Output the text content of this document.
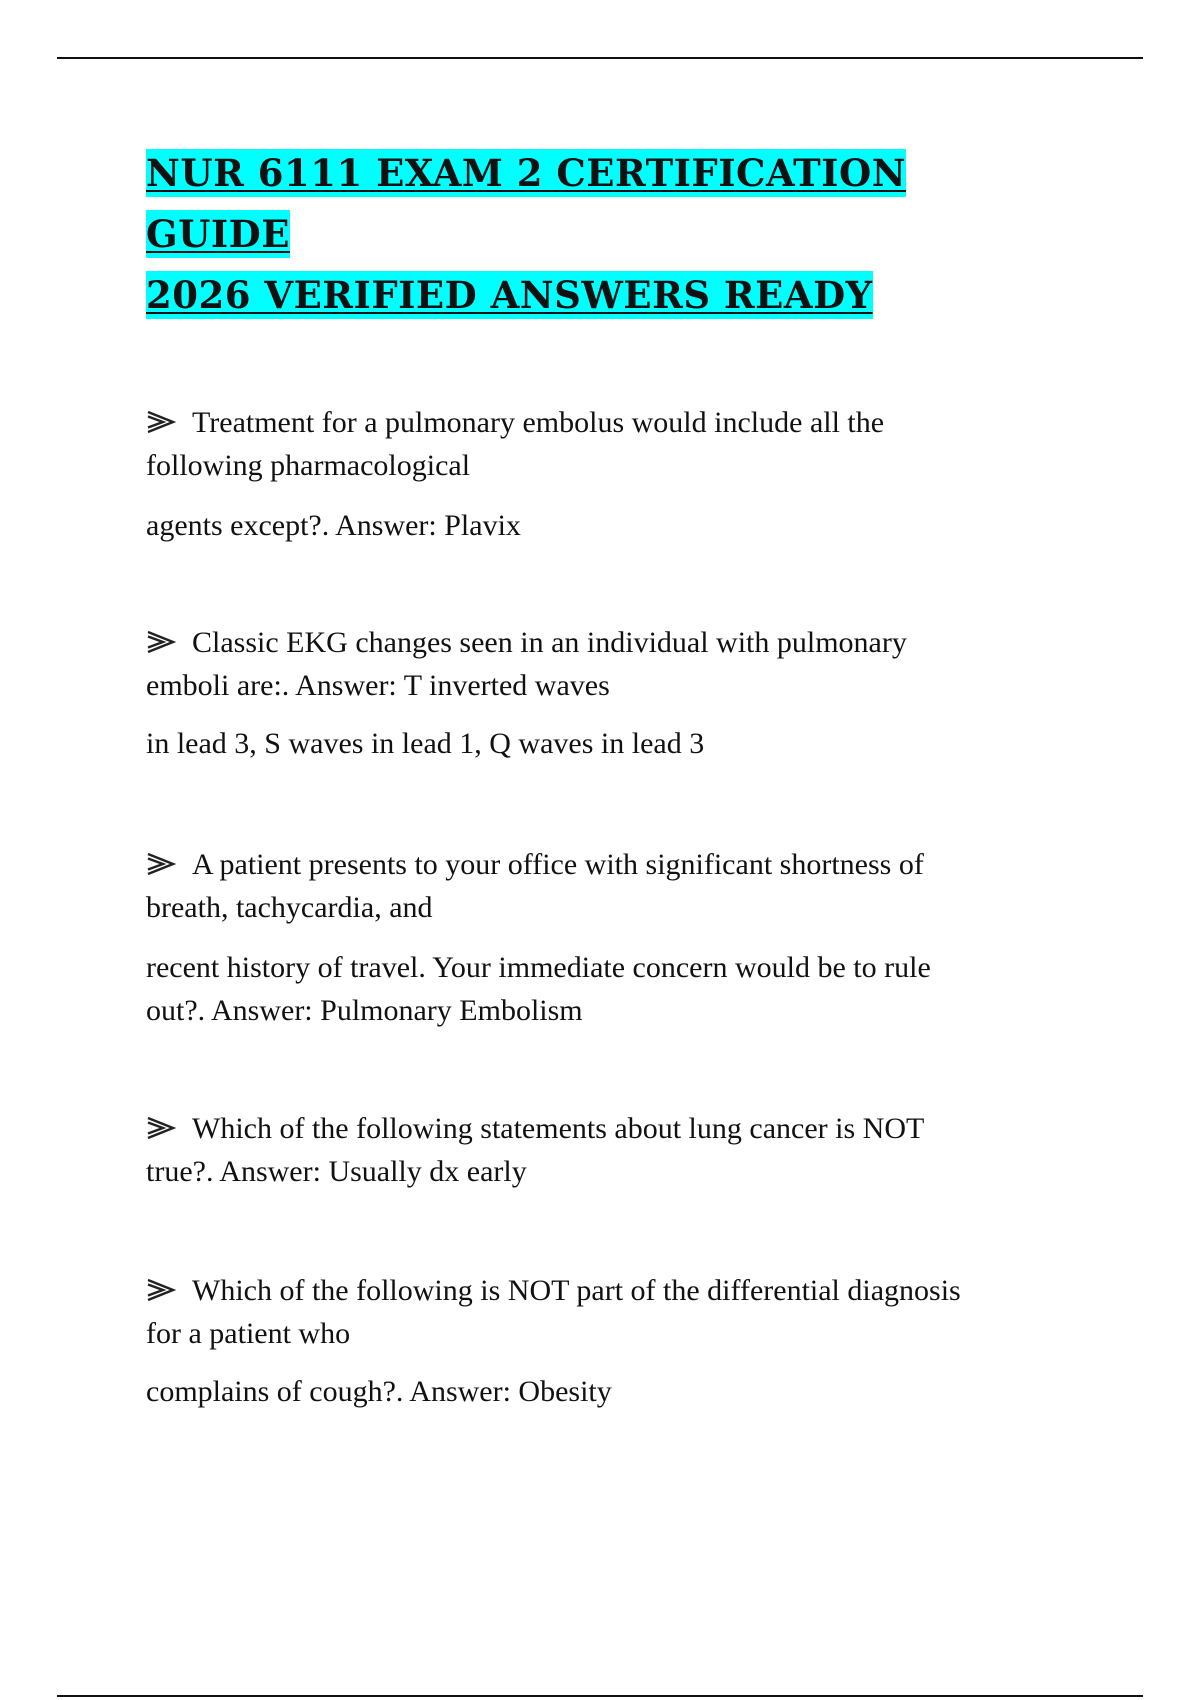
NUR 6111 EXAM 2 CERTIFICATION GUIDE
2026 VERIFIED ANSWERS READY

Treatment for a pulmonary embolus would include all the

following pharmacological

agents except?. Answer: Plavix

Classic EKG changes seen in an individual with pulmonary

emboli are:. Answer: T inverted waves

in lead 3, S waves in lead 1, Q waves in lead 3

A patient presents to your office with significant shortness of

breath, tachycardia, and

recent history of travel. Your immediate concern would be to rule

out?. Answer: Pulmonary Embolism

Which of the following statements about lung cancer is NOT

true?. Answer: Usually dx early

Which of the following is NOT part of the differential diagnosis

for a patient who

complains of cough?. Answer: Obesity
